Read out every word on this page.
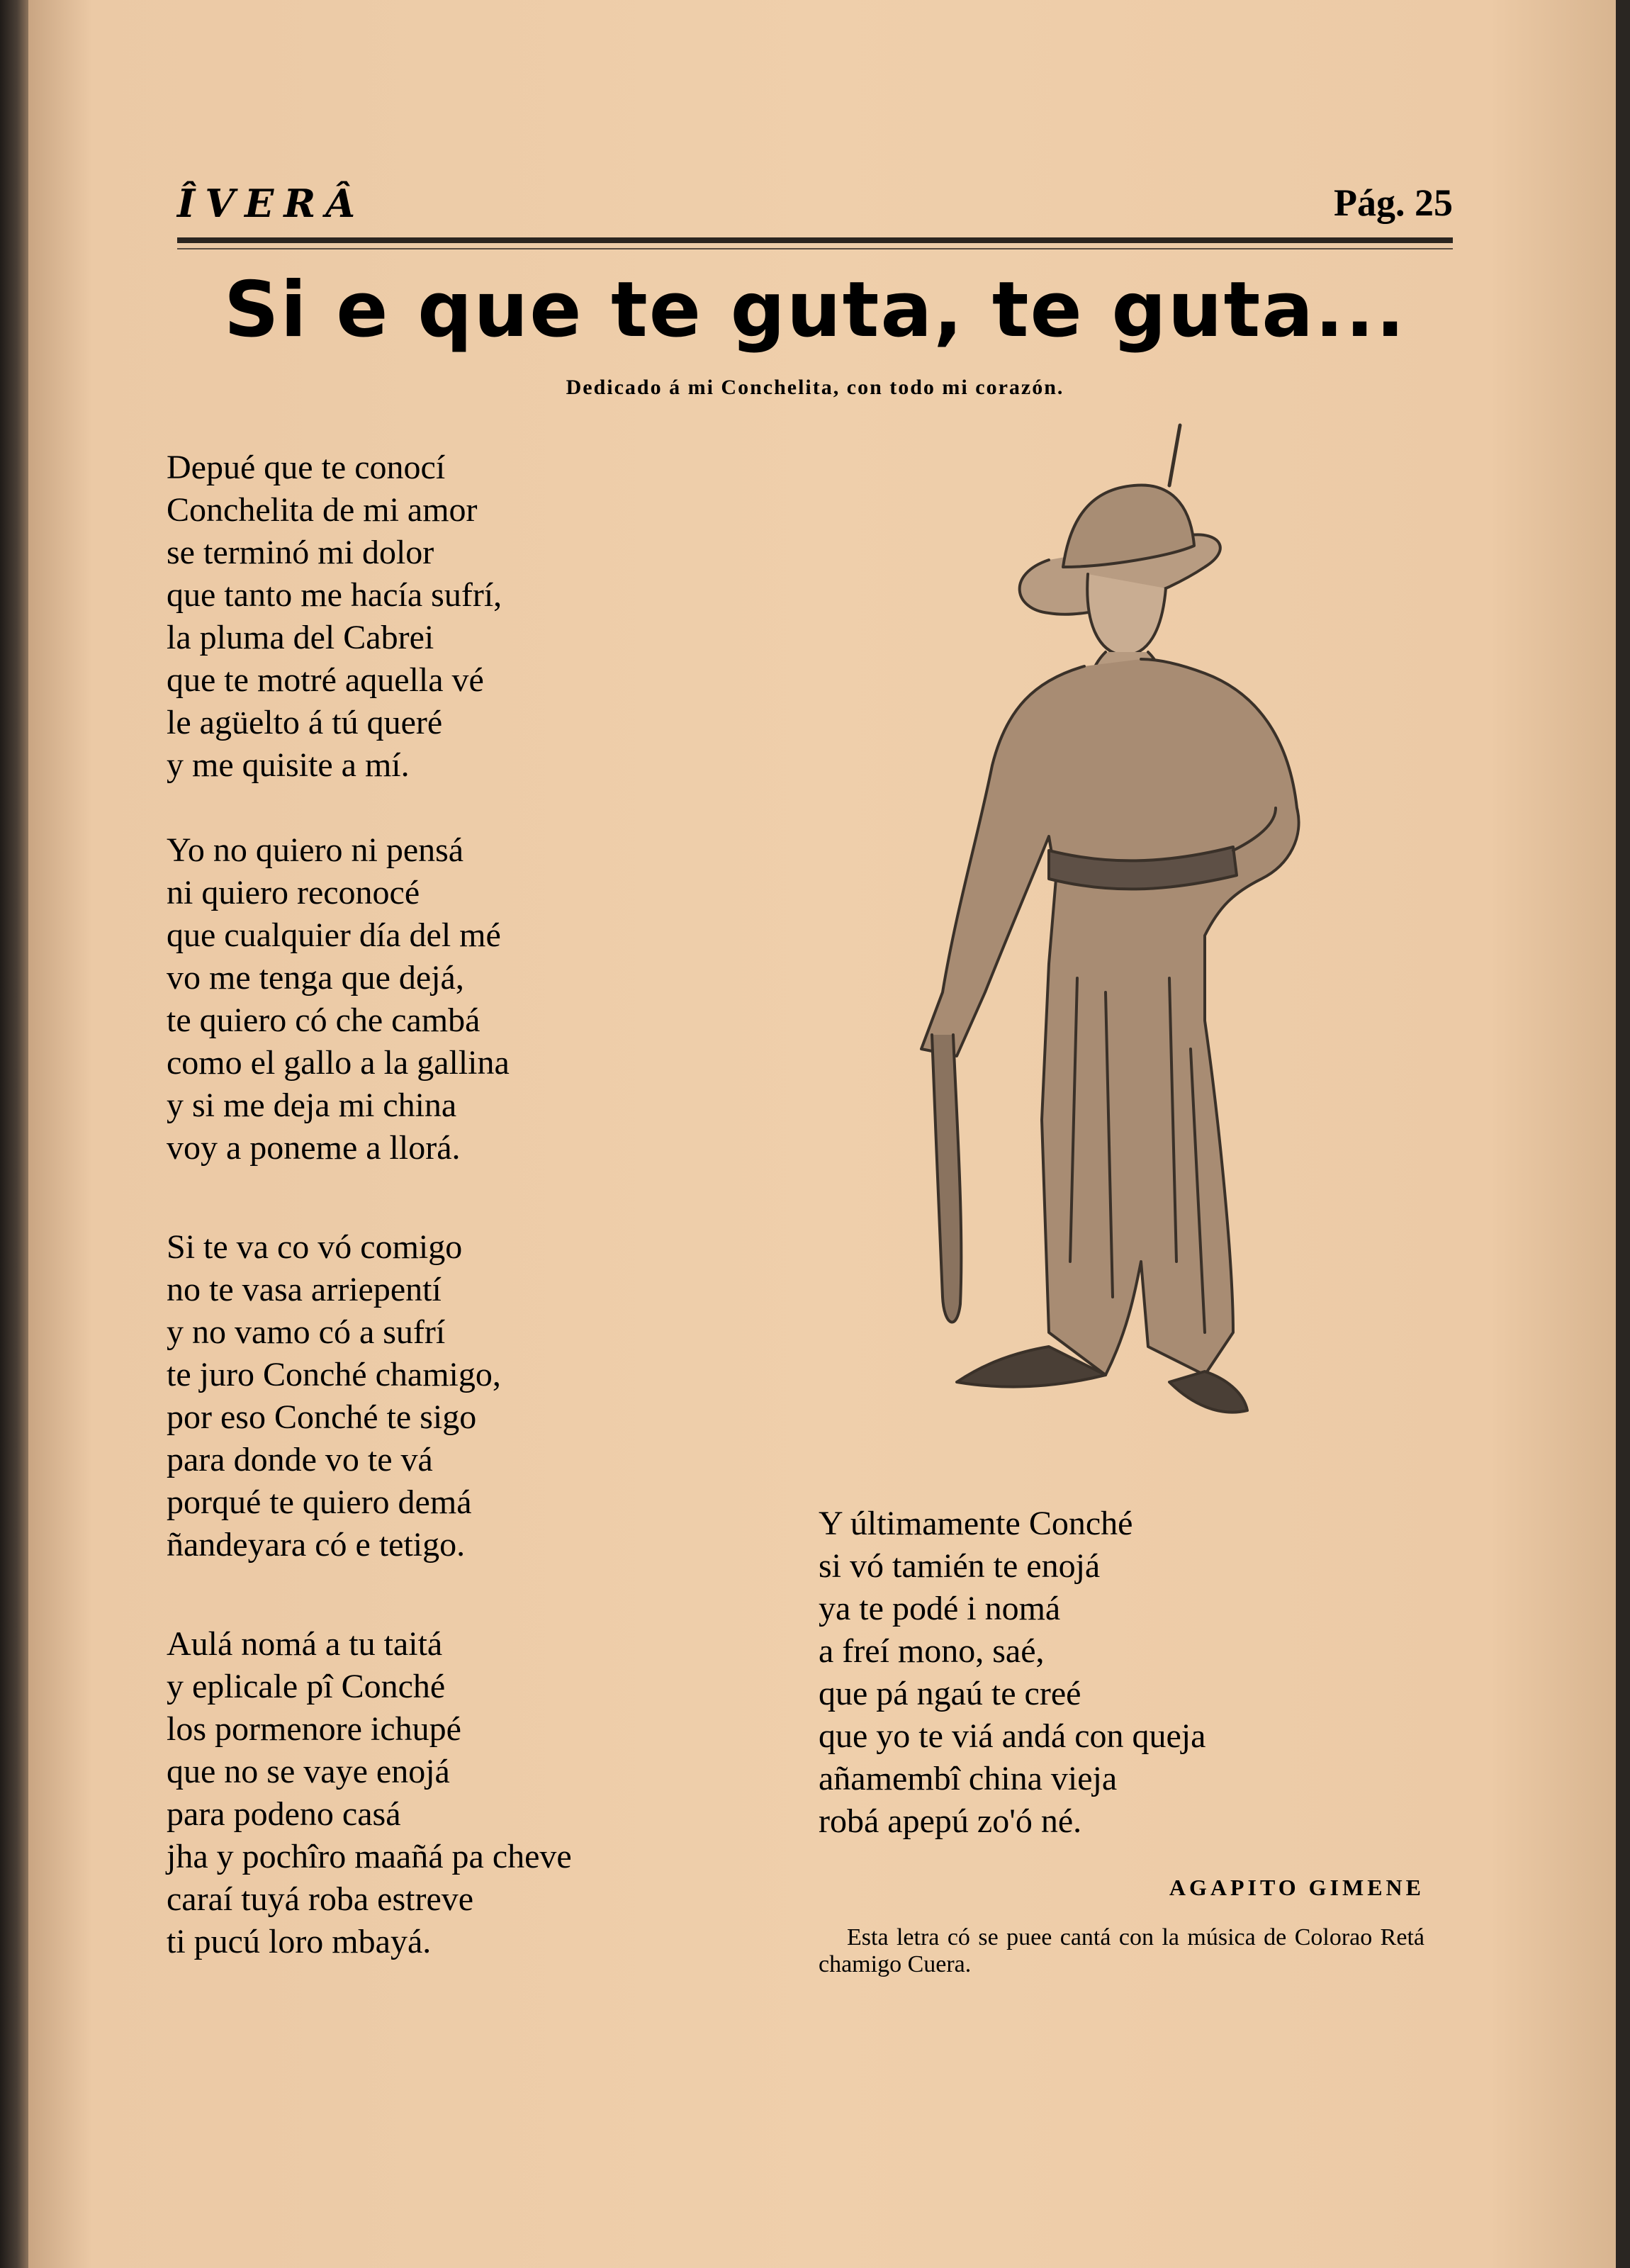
ÎVERÂ	Pág. 25
Si e que te guta, te guta...
Dedicado á mi Conchelita, con todo mi corazón.
Depué que te conocí
Conchelita de mi amor
se terminó mi dolor
que tanto me hacía sufrí,
la pluma del Cabrei
que te motré aquella vé
le agüelto á tú queré
y me quisite a mí.
Yo no quiero ni pensá
ni quiero reconocé
que cualquier día del mé
vo me tenga que dejá,
te quiero có che cambá
como el gallo a la gallina
y si me deja mi china
voy a poneme a llorá.
Si te va co vó comigo
no te vasa arriepentí
y no vamo có a sufrí
te juro Conché chamigo,
por eso Conché te sigo
para donde vo te vá
porqué te quiero demá
ñandeyara có e tetigo.
Aulá nomá a tu taitá
y eplicale pî Conché
los pormenore ichupé
que no se vaye enojá
para podeno casá
jha y pochîro maañá pa cheve
caraí tuyá roba estreve
ti pucú loro mbayá.
Y últimamente Conché
si vó tamién te enojá
ya te podé i nomá
a freí mono, saé,
que pá ngaú te creé
que yo te viá andá con queja
añamembî china vieja
robá apepú zo'ó né.
AGAPITO GIMENE
Esta letra có se puee cantá con la música de Colorao Retá chamigo Cuera.
